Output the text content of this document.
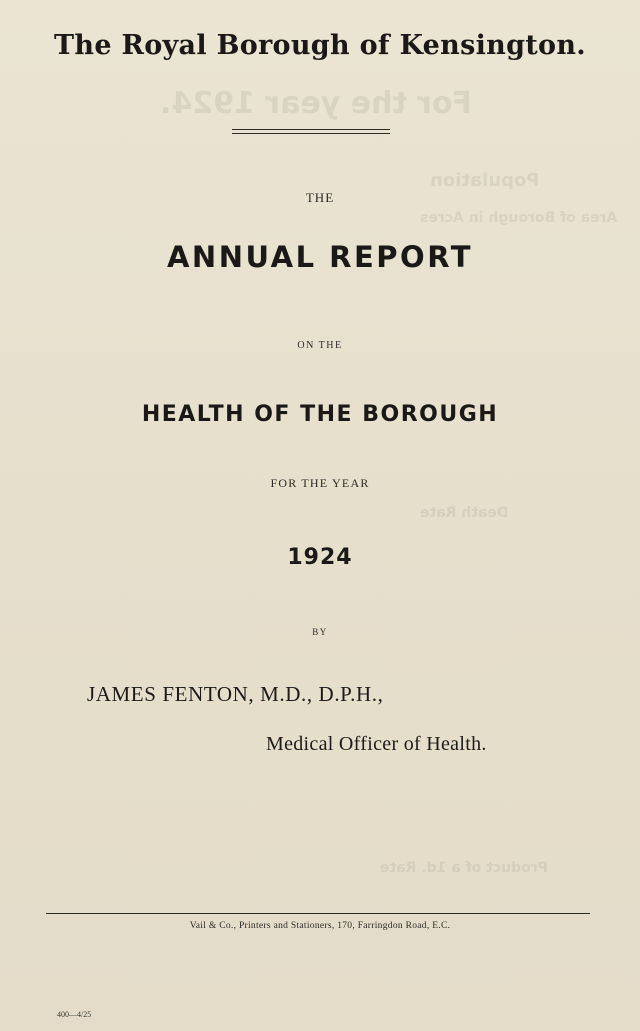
For the year 1924.
Population
Area of Borough in Acres
Death Rate
Product of a 1d. Rate
The Royal Borough of Kensington.
THE
ANNUAL REPORT
ON THE
HEALTH OF THE BOROUGH
FOR THE YEAR
1924
BY
JAMES FENTON, M.D., D.P.H.,
Medical Officer of Health.
Vail & Co., Printers and Stationers, 170, Farringdon Road, E.C.
400—4/25
